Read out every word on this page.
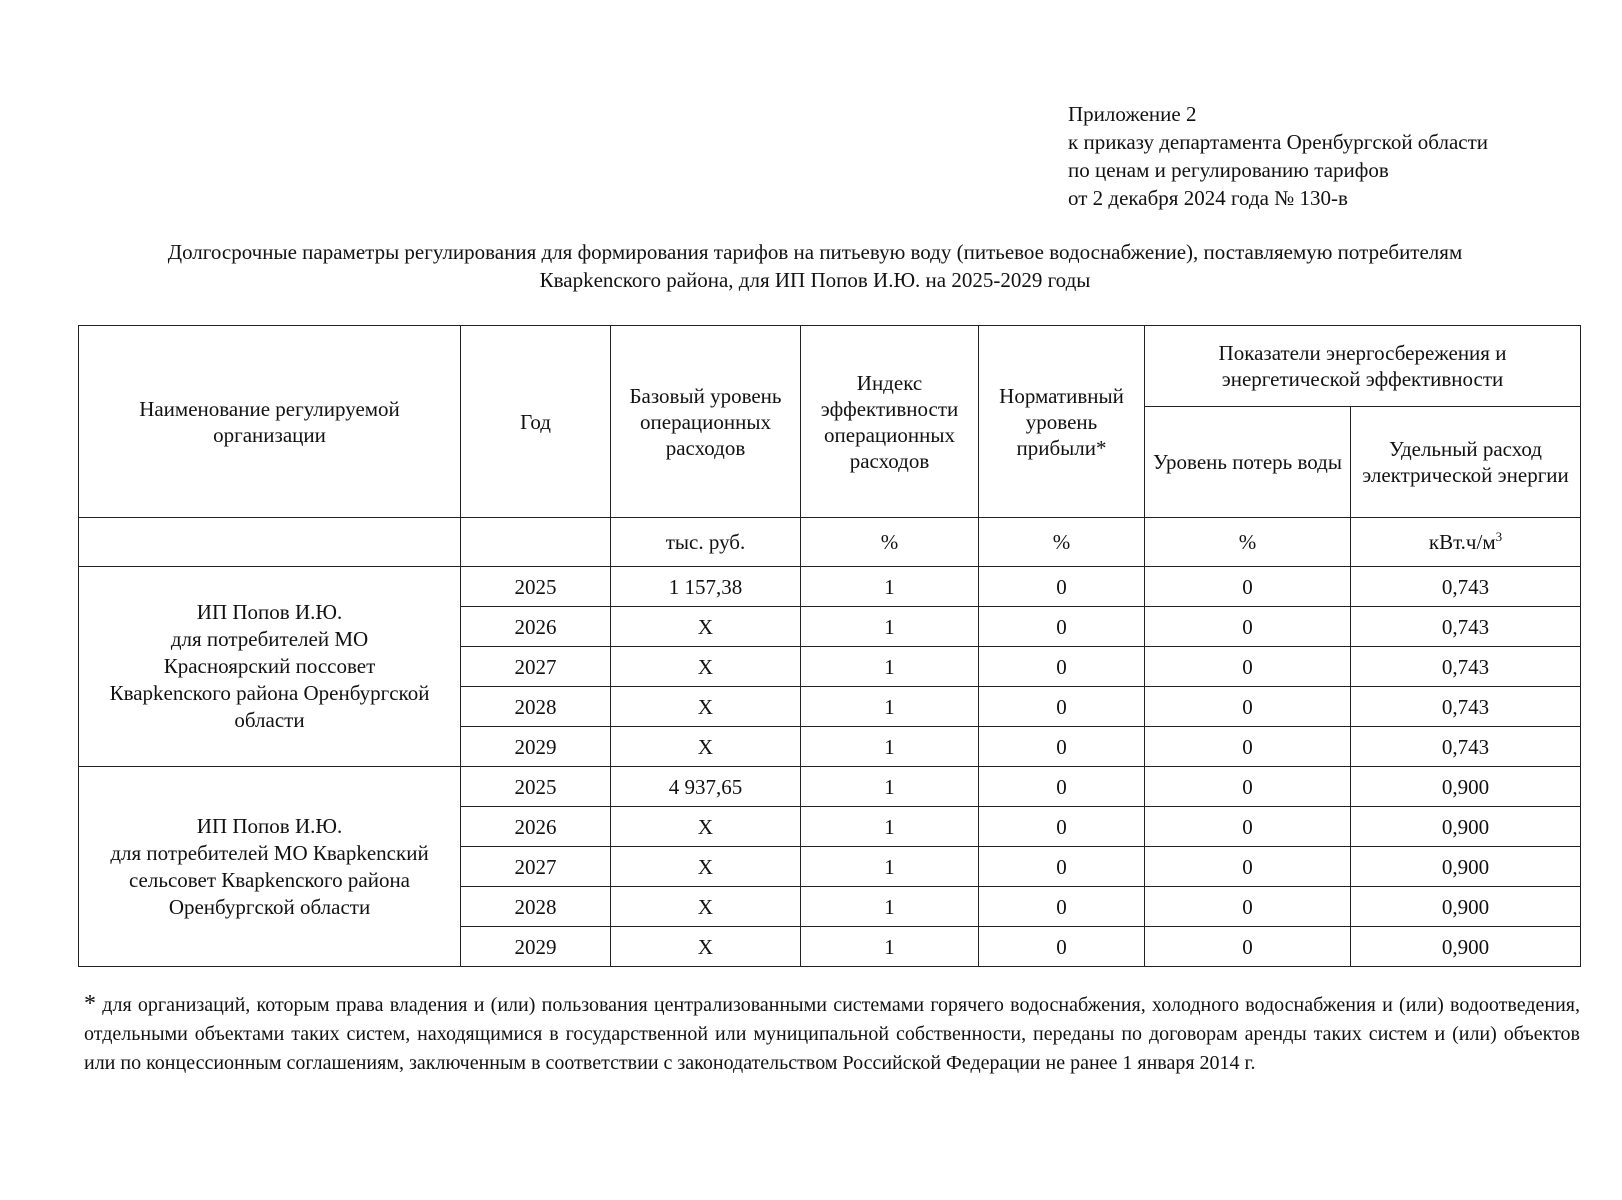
Приложение 2
к приказу департамента Оренбургской области
по ценам и регулированию тарифов
от 2 декабря 2024 года № 130-в
Долгосрочные параметры регулирования для формирования тарифов на питьевую воду (питьевое водоснабжение), поставляемую потребителям
Кварkenского района, для ИП Попов И.Ю. на 2025-2029 годы
Наименование регулируемой организации	Год	Базовый уровень операционных расходов	Индекс эффективности операционных расходов	Нормативный уровень прибыли*	Показатели энергосбережения и энергетической эффективности	
					Уровень потерь воды	Удельный расход электрической энергии
		тыс. руб.	%	%	%	$кВт.ч/м^3$

ИП Попов И.Ю.
для потребителей МО
Красноярский поссовет
Кварkenского района Оренбургской
области	2025	1 157,38	1	0	0	0,743
	2026	X	1	0	0	0,743
	2027	X	1	0	0	0,743
	2028	X	1	0	0	0,743
	2029	X	1	0	0	0,743

ИП Попов И.Ю.
для потребителей МО Кварkenский
сельсовет Кварkenского района
Оренбургской области	2025	4 937,65	1	0	0	0,900
	2026	X	1	0	0	0,900
	2027	X	1	0	0	0,900
	2028	X	1	0	0	0,900
	2029	X	1	0	0	0,900
* для организаций, которым права владения и (или) пользования централизованными системами горячего водоснабжения, холодного водоснабжения и (или) водоотведения, отдельными объектами таких систем, находящимися в государственной или муниципальной собственности, переданы по договорам аренды таких систем и (или) объектов или по концессионным соглашениям, заключенным в соответствии с законодательством Российской Федерации не ранее 1 января 2014 г.
